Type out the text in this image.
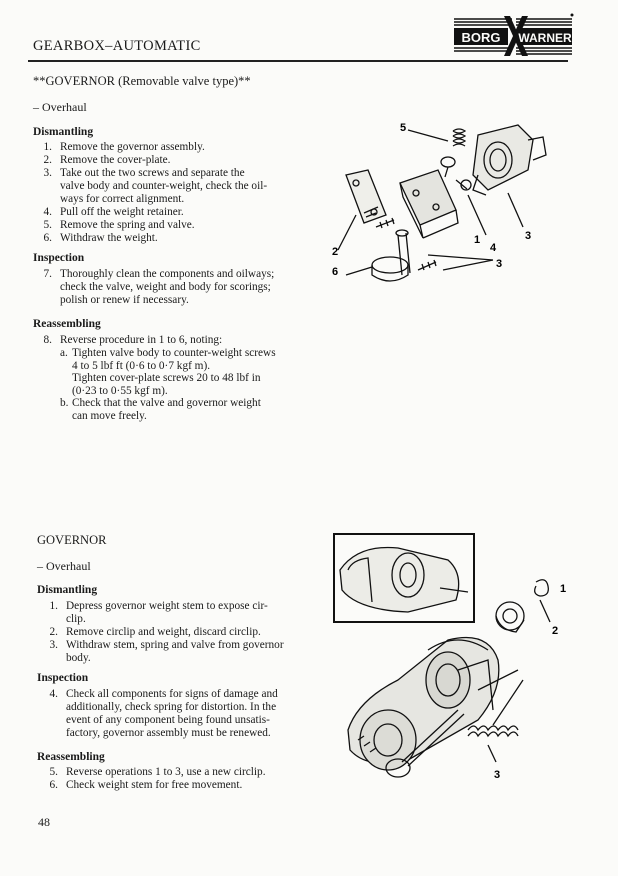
GEARBOX–AUTOMATIC
BORG WARNER
**GOVERNOR (Removable valve type)**
– Overhaul
Dismantling
1. Remove the governor assembly.
2. Remove the cover-plate.
3. Take out the two screws and separate the
valve body and counter-weight, check the oil-
ways for correct alignment.
4. Pull off the weight retainer.
5. Remove the spring and valve.
6. Withdraw the weight.
Inspection
7. Thoroughly clean the components and oilways;
check the valve, weight and body for scorings;
polish or renew if necessary.
Reassembling
8. Reverse procedure in 1 to 6, noting:
a. Tighten valve body to counter-weight screws
4 to 5 lbf ft (0·6 to 0·7 kgf m).
Tighten cover-plate screws 20 to 48 lbf in
(0·23 to 0·55 kgf m).
b. Check that the valve and governor weight
can move freely.
5
1
2
6
4
3
3
GOVERNOR
– Overhaul
Dismantling
1. Depress governor weight stem to expose cir-
clip.
2. Remove circlip and weight, discard circlip.
3. Withdraw stem, spring and valve from governor
body.
Inspection
4. Check all components for signs of damage and
additionally, check spring for distortion. In the
event of any component being found unsatis-
factory, governor assembly must be renewed.
Reassembling
5. Reverse operations 1 to 3, use a new circlip.
6. Check weight stem for free movement.
1
2
3
48
